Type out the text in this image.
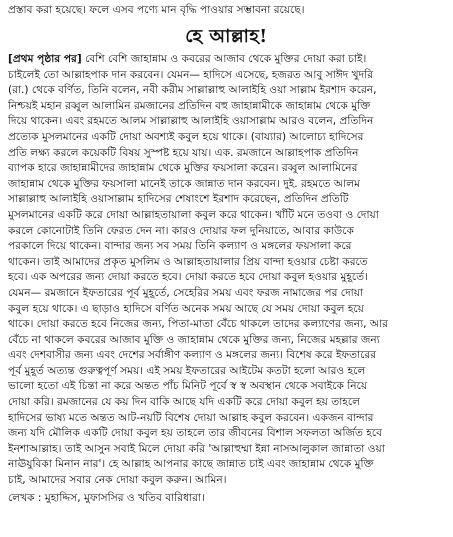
প্রস্তাব করা হয়েছে। ফলে এসব পণ্যে মান বৃদ্ধি পাওয়ার সম্ভাবনা রয়েছে।
হে আল্লাহ!
[প্রথম পৃষ্ঠার পর] বেশি বেশি জাহান্নাম ও কবরের আজাব থেকে মুক্তির দোয়া করা চাই।
চাইলেই তো আল্লাহপাক দান করবেন। যেমন— হাদিসে এসেছে, হজরত আবু সাঈদ খুদরি
(রা.) থেকে বর্ণিত, তিনি বলেন, নবী করীম সাল্লাল্লাহু আলাইহি ওয়া সাল্লাম ইরশাদ করেন,
নিশ্চয়ই মহান রব্বুল আলামিন রমজানের প্রতিদিন বহু জাহান্নামীকে জাহান্নাম থেকে মুক্তি
দিয়ে থাকেন। এবং রহমতে আলম সাল্লাল্লাহু আলাইহি ওয়াসাল্লাম আরও বলেন, প্রতিদিন
প্রত্যেক মুসলমানের একটি দোয়া অবশ্যই কবুল হয়ে থাকে। (বায্যার) আলোচ্য হাদিসের
প্রতি লক্ষ্য করলে কয়েকটি বিষয় সুস্পষ্ট হয়ে যায়। এক. রমজানে আল্লাহপাক প্রতিদিন
ব্যাপক হারে জাহান্নামীদের জাহান্নাম থেকে মুক্তির ফয়সালা করেন। রব্বুল আলামিনের
জাহান্নাম থেকে মুক্তির ফয়সালা মানেই তাকে জান্নাত দান করবেন। দুই. রহমতে আলম
সাল্লাল্লাহু আলাইহি ওয়াসাল্লাম হাদিসের শেষাংশে ইরশাদ করেছেন, প্রতিদিন প্রতিটি
মুসলমানের একটি করে দোয়া আল্লাহতায়ালা কবুল করে থাকেন। খাঁটি মনে তওবা ও দোয়া
করলে কোনোটাই তিনি ফেরত দেন না। কারও দোয়ার ফল দুনিয়াতে, আবার কাউকে
পরকালে দিয়ে থাকেন। বান্দার জন্য সব সময় তিনি কল্যাণ ও মঙ্গলের ফয়সালা করে
থাকেন। তাই আমাদের প্রকৃত মুসলিম ও আল্লাহতায়ালার প্রিয় বান্দা হওয়ার চেষ্টা করতে
হবে। এক অপরের জন্য দোয়া করতে হবে। দোয়া করতে হবে দোয়া কবুল হওয়ার মুহূর্তে।
যেমন— রমজানে ইফতারের পূর্ব মুহূর্তে, সেহেরির সময় এবং ফরজ নামাজের পর দোয়া
কবুল হয়ে থাকে। এ ছাড়াও হাদিসে বর্ণিত অনেক সময় আছে যে সময় দোয়া কবুল হয়ে
থাকে। দোয়া করতে হবে নিজের জন্য, পিতা-মাতা বেঁচে থাকলে তাদের কল্যাণের জন্য, আর
বেঁচে না থাকলে কবরের আজাব মুক্তি ও জাহান্নাম থেকে মুক্তির জন্য, নিজের মহল্লার জন্য
এবং দেশবাসীর জন্য এবং দেশের সর্বাঙ্গীণ কল্যাণ ও মঙ্গলের জন্য। বিশেষ করে ইফতারের
পূর্ব মুহূর্ত অত্যন্ত গুরুত্বপূর্ণ সময়। এই সময় ইফতারের আইটেম কতটা হলো আরও হলে
ভালো হতো এই চিন্তা না করে অন্তত পাঁচ মিনিট পূর্বে স্ব স্ব অবস্থান থেকে সবাইকে নিয়ে
দোয়া করি। রমজানের যে কয় দিন বাকি আছে যদি একটি করে দোয়া কবুল হয় তাহলে
হাদিসের ভাষ্য মতে অন্তত আট-নয়টি বিশেষ দোয়া আল্লাহ কবুল করবেন। একজন বান্দার
জন্য যদি মৌলিক একটি দোয়া কবুল হয় তাহলে তার জীবনের বিশাল সফলতা অর্জিত হবে
ইনশাআল্লাহ। তাই আসুন সবাই মিলে দোয়া করি 'আল্লাহুম্মা ইন্না নাসআলুকাল জান্নাতা ওয়া
নাঊযুবিকা মিনান নার'। হে আল্লাহ আপনার কাছে জান্নাত চাই এবং জাহান্নাম থেকে মুক্তি
চাই, আমাদের সবার নেক দোয়া কবুল করুন। আমিন।
লেখক : মুহাদ্দিস, মুফাসসির ও খতিব বারিধারা।
